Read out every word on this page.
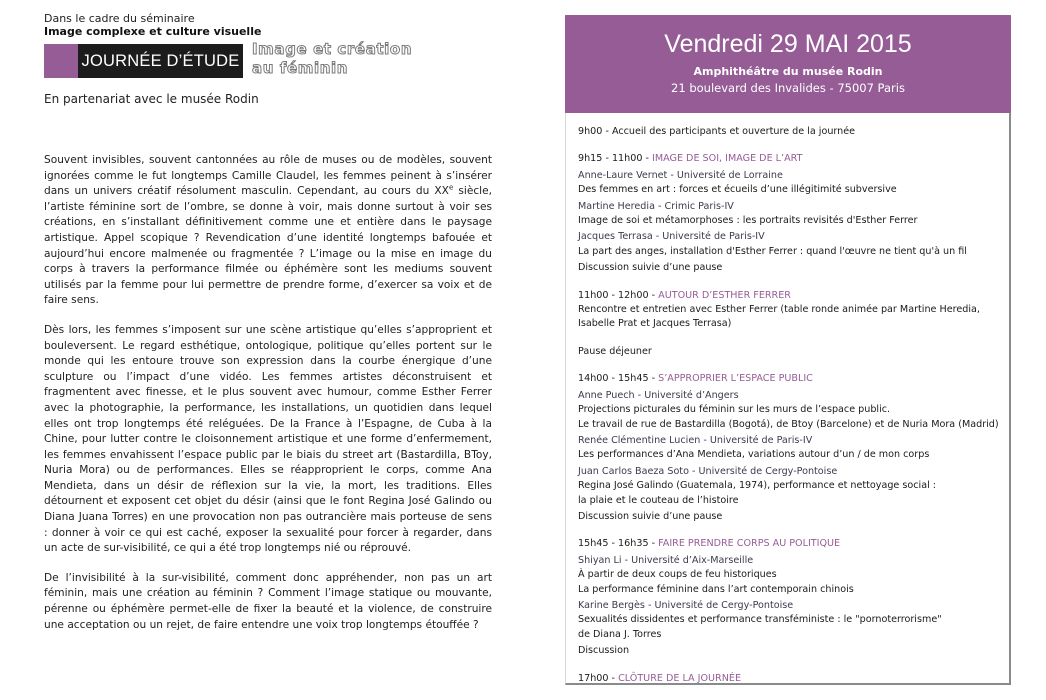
Dans le cadre du séminaire
Image complexe et culture visuelle
JOURNÉE D’ÉTUDE
Image et création
au féminin
En partenariat avec le musée Rodin

Souvent invisibles, souvent cantonnées au rôle de muses ou de modèles, souvent ignorées comme le fut longtemps Camille Claudel, les femmes peinent à s’insérer dans un univers créatif résolument masculin. Cependant, au cours du XXe siècle, l’artiste féminine sort de l’ombre, se donne à voir, mais donne surtout à voir ses créations, en s’installant définitivement comme une et entière dans le paysage artistique. Appel scopique ? Revendication d’une identité longtemps bafouée et aujourd’hui encore malmenée ou fragmentée ? L’image ou la mise en image du corps à travers la performance filmée ou éphémère sont les mediums souvent utilisés par la femme pour lui permettre de prendre forme, d’exercer sa voix et de faire sens.

Dès lors, les femmes s’imposent sur une scène artistique qu’elles s’approprient et bouleversent. Le regard esthétique, ontologique, politique qu’elles portent sur le monde qui les entoure trouve son expression dans la courbe énergique d’une sculpture ou l’impact d’une vidéo. Les femmes artistes déconstruisent et fragmentent avec finesse, et le plus souvent avec humour, comme Esther Ferrer avec la photographie, la performance, les installations, un quotidien dans lequel elles ont trop longtemps été reléguées. De la France à l’Espagne, de Cuba à la Chine, pour lutter contre le cloisonnement artistique et une forme d’enfermement, les femmes envahissent l’espace public par le biais du street art (Bastardilla, BToy, Nuria Mora) ou de performances. Elles se réapproprient le corps, comme Ana Mendieta, dans un désir de réflexion sur la vie, la mort, les traditions. Elles détournent et exposent cet objet du désir (ainsi que le font Regina José Galindo ou Diana Juana Torres) en une provocation non pas outrancière mais porteuse de sens : donner à voir ce qui est caché, exposer la sexualité pour forcer à regarder, dans un acte de sur-visibilité, ce qui a été trop longtemps nié ou réprouvé.

De l’invisibilité à la sur-visibilité, comment donc appréhender, non pas un art féminin, mais une création au féminin ? Comment l’image statique ou mouvante, pérenne ou éphémère permet-elle de fixer la beauté et la violence, de construire une acceptation ou un rejet, de faire entendre une voix trop longtemps étouffée ?

Vendredi 29 MAI 2015
Amphithéâtre du musée Rodin
21 boulevard des Invalides - 75007 Paris
9h00 - Accueil des participants et ouverture de la journée
9h15 - 11h00 - IMAGE DE SOI, IMAGE DE L’ART
Anne-Laure Vernet - Université de Lorraine
Des femmes en art : forces et écueils d’une illégitimité subversive
Martine Heredia - Crimic Paris-IV
Image de soi et métamorphoses : les portraits revisités d'Esther Ferrer
Jacques Terrasa - Université de Paris-IV
La part des anges, installation d'Esther Ferrer : quand l'œuvre ne tient qu'à un fil
Discussion suivie d’une pause
11h00 - 12h00 - AUTOUR D’ESTHER FERRER
Rencontre et entretien avec Esther Ferrer (table ronde animée par Martine Heredia,
Isabelle Prat et Jacques Terrasa)
Pause déjeuner
14h00 - 15h45 - S’APPROPRIER L’ESPACE PUBLIC
Anne Puech - Université d’Angers
Projections picturales du féminin sur les murs de l’espace public.
Le travail de rue de Bastardilla (Bogotá), de Btoy (Barcelone) et de Nuria Mora (Madrid)
Renée Clémentine Lucien - Université de Paris-IV
Les performances d’Ana Mendieta, variations autour d’un / de mon corps
Juan Carlos Baeza Soto - Université de Cergy-Pontoise
Regina José Galindo (Guatemala, 1974), performance et nettoyage social :
la plaie et le couteau de l’histoire
Discussion suivie d’une pause
15h45 - 16h35 - FAIRE PRENDRE CORPS AU POLITIQUE
Shiyan Li - Université d’Aix-Marseille
À partir de deux coups de feu historiques
La performance féminine dans l’art contemporain chinois
Karine Bergès - Université de Cergy-Pontoise
Sexualités dissidentes et performance transféministe : le "pornoterrorisme"
de Diana J. Torres
Discussion
17h00 - CLÔTURE DE LA JOURNÉE
